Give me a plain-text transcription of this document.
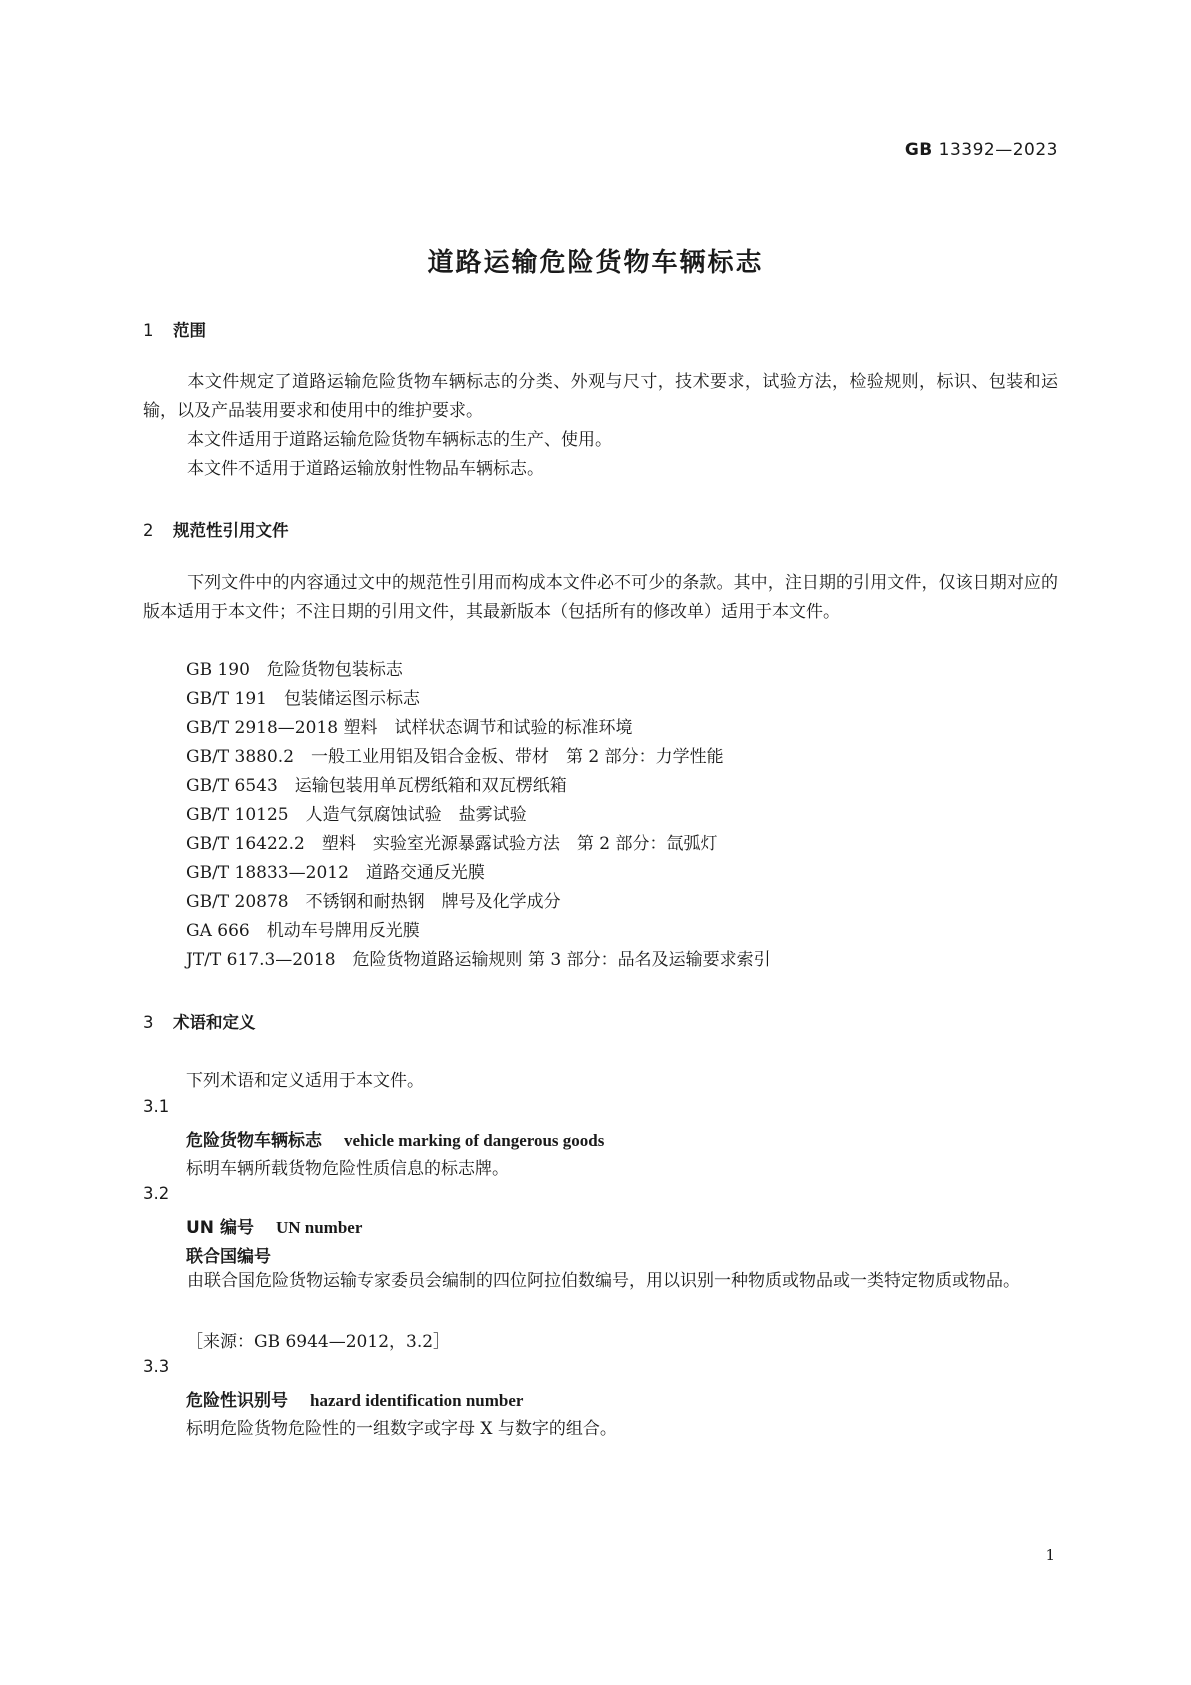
GB 13392—2023

道路运输危险货物车辆标志

1 范围

本文件规定了道路运输危险货物车辆标志的分类、外观与尺寸，技术要求，试验方法，检验规则，标识、包装和运输，以及产品装用要求和使用中的维护要求。

本文件适用于道路运输危险货物车辆标志的生产、使用。

本文件不适用于道路运输放射性物品车辆标志。

2 规范性引用文件

下列文件中的内容通过文中的规范性引用而构成本文件必不可少的条款。其中，注日期的引用文件，仅该日期对应的版本适用于本文件；不注日期的引用文件，其最新版本（包括所有的修改单）适用于本文件。

GB 190　危险货物包装标志

GB/T 191　包装储运图示标志

GB/T 2918—2018 塑料　试样状态调节和试验的标准环境

GB/T 3880.2　一般工业用铝及铝合金板、带材　第 2 部分：力学性能

GB/T 6543　运输包装用单瓦楞纸箱和双瓦楞纸箱

GB/T 10125　人造气氛腐蚀试验　盐雾试验

GB/T 16422.2　塑料　实验室光源暴露试验方法　第 2 部分：氙弧灯

GB/T 18833—2012　道路交通反光膜

GB/T 20878　不锈钢和耐热钢　牌号及化学成分

GA 666　机动车号牌用反光膜

JT/T 617.3—2018　危险货物道路运输规则 第 3 部分：品名及运输要求索引

3 术语和定义

下列术语和定义适用于本文件。

3.1

危险货物车辆标志 vehicle marking of dangerous goods

标明车辆所载货物危险性质信息的标志牌。

3.2

UN 编号 UN number

联合国编号

由联合国危险货物运输专家委员会编制的四位阿拉伯数编号，用以识别一种物质或物品或一类特定物质或物品。

［来源：GB 6944—2012，3.2］

3.3

危险性识别号 hazard identification number

标明危险货物危险性的一组数字或字母 X 与数字的组合。

1
